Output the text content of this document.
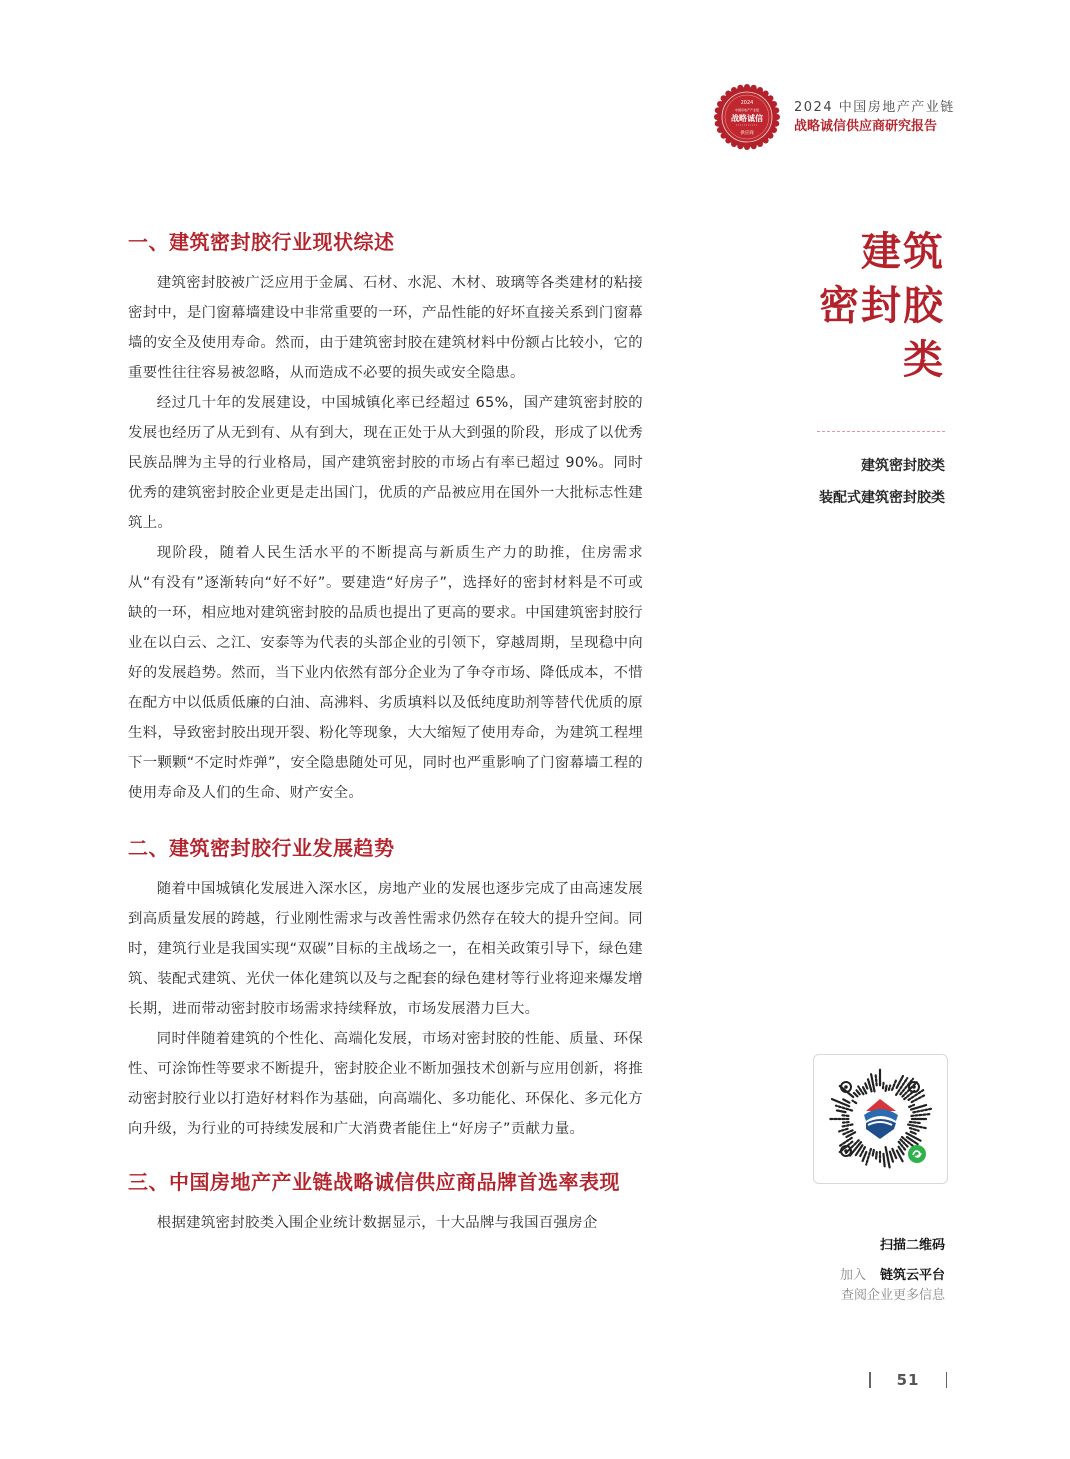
2024
中国房地产产业链
战略诚信
供应商
2024 中国房地产产业链
战略诚信供应商研究报告
一、建筑密封胶行业现状综述

建筑密封胶被广泛应用于金属、石材、水泥、木材、玻璃等各类建材的粘接密封中，是门窗幕墙建设中非常重要的一环，产品性能的好坏直接关系到门窗幕墙的安全及使用寿命。然而，由于建筑密封胶在建筑材料中份额占比较小，它的重要性往往容易被忽略，从而造成不必要的损失或安全隐患。

经过几十年的发展建设，中国城镇化率已经超过 65%，国产建筑密封胶的发展也经历了从无到有、从有到大，现在正处于从大到强的阶段，形成了以优秀民族品牌为主导的行业格局，国产建筑密封胶的市场占有率已超过 90%。同时优秀的建筑密封胶企业更是走出国门，优质的产品被应用在国外一大批标志性建筑上。

现阶段，随着人民生活水平的不断提高与新质生产力的助推，住房需求从“有没有”逐渐转向“好不好”。要建造“好房子”，选择好的密封材料是不可或缺的一环，相应地对建筑密封胶的品质也提出了更高的要求。中国建筑密封胶行业在以白云、之江、安泰等为代表的头部企业的引领下，穿越周期，呈现稳中向好的发展趋势。然而，当下业内依然有部分企业为了争夺市场、降低成本，不惜在配方中以低质低廉的白油、高沸料、劣质填料以及低纯度助剂等替代优质的原生料，导致密封胶出现开裂、粉化等现象，大大缩短了使用寿命，为建筑工程埋下一颗颗“不定时炸弹”，安全隐患随处可见，同时也严重影响了门窗幕墙工程的使用寿命及人们的生命、财产安全。

二、建筑密封胶行业发展趋势

随着中国城镇化发展进入深水区，房地产业的发展也逐步完成了由高速发展到高质量发展的跨越，行业刚性需求与改善性需求仍然存在较大的提升空间。同时，建筑行业是我国实现“双碳”目标的主战场之一，在相关政策引导下，绿色建筑、装配式建筑、光伏一体化建筑以及与之配套的绿色建材等行业将迎来爆发增长期，进而带动密封胶市场需求持续释放，市场发展潜力巨大。

同时伴随着建筑的个性化、高端化发展，市场对密封胶的性能、质量、环保性、可涂饰性等要求不断提升，密封胶企业不断加强技术创新与应用创新，将推动密封胶行业以打造好材料作为基础，向高端化、多功能化、环保化、多元化方向升级，为行业的可持续发展和广大消费者能住上“好房子”贡献力量。

三、中国房地产产业链战略诚信供应商品牌首选率表现

根据建筑密封胶类入围企业统计数据显示，十大品牌与我国百强房企

建筑
密封胶
类
建筑密封胶类
装配式建筑密封胶类
扫描二维码
加入 链筑云平台
查阅企业更多信息
51
